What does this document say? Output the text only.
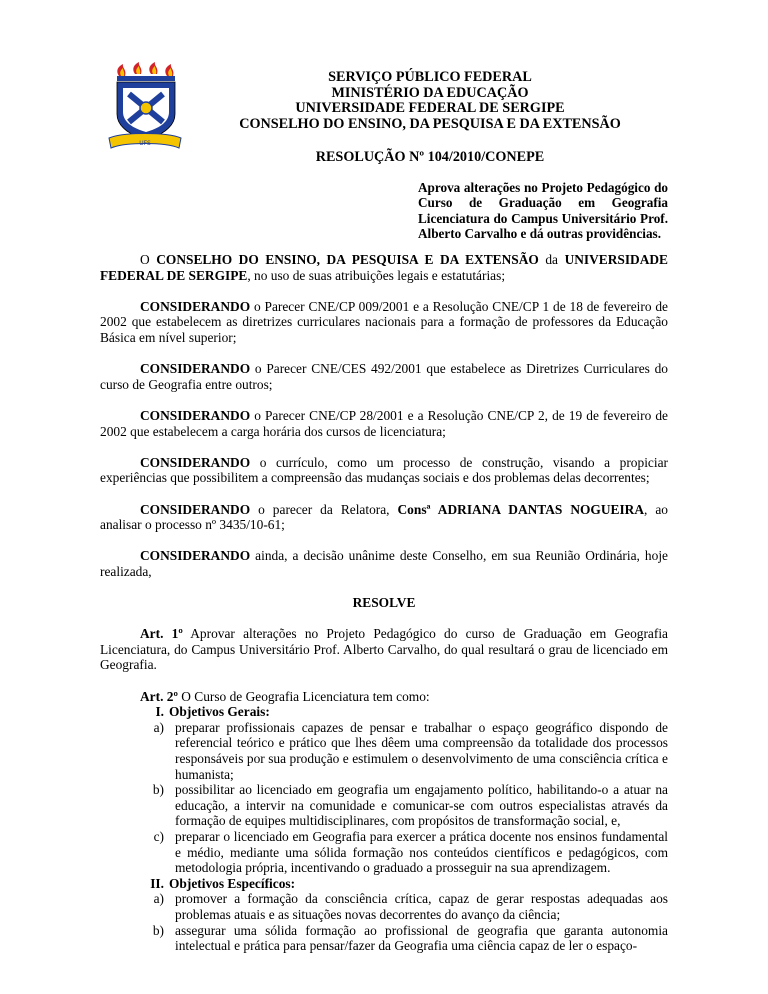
UFS
SERVIÇO PÚBLICO FEDERAL
MINISTÉRIO DA EDUCAÇÃO
UNIVERSIDADE FEDERAL DE SERGIPE
CONSELHO DO ENSINO, DA PESQUISA E DA EXTENSÃO
RESOLUÇÃO Nº 104/2010/CONEPE
Aprova alterações no Projeto Pedagógico do Curso de Graduação em Geografia Licenciatura do Campus Universitário Prof. Alberto Carvalho e dá outras providências.

O CONSELHO DO ENSINO, DA PESQUISA E DA EXTENSÃO da UNIVERSIDADE FEDERAL DE SERGIPE, no uso de suas atribuições legais e estatutárias;

CONSIDERANDO o Parecer CNE/CP 009/2001 e a Resolução CNE/CP 1 de 18 de fevereiro de 2002 que estabelecem as diretrizes curriculares nacionais para a formação de professores da Educação Básica em nível superior;

CONSIDERANDO o Parecer CNE/CES 492/2001 que estabelece as Diretrizes Curriculares do curso de Geografia entre outros;

CONSIDERANDO o Parecer CNE/CP 28/2001 e a Resolução CNE/CP 2, de 19 de fevereiro de 2002 que estabelecem a carga horária dos cursos de licenciatura;

CONSIDERANDO o currículo, como um processo de construção, visando a propiciar experiências que possibilitem a compreensão das mudanças sociais e dos problemas delas decorrentes;

CONSIDERANDO o parecer da Relatora, Consª ADRIANA DANTAS NOGUEIRA, ao analisar o processo nº 3435/10-61;

CONSIDERANDO ainda, a decisão unânime deste Conselho, em sua Reunião Ordinária, hoje realizada,

RESOLVE

Art. 1º Aprovar alterações no Projeto Pedagógico do curso de Graduação em Geografia Licenciatura, do Campus Universitário Prof. Alberto Carvalho, do qual resultará o grau de licenciado em Geografia.

Art. 2º O Curso de Geografia Licenciatura tem como:
I. Objetivos Gerais:
a) preparar profissionais capazes de pensar e trabalhar o espaço geográfico dispondo de referencial teórico e prático que lhes dêem uma compreensão da totalidade dos processos responsáveis por sua produção e estimulem o desenvolvimento de uma consciência crítica e humanista;
b) possibilitar ao licenciado em geografia um engajamento político, habilitando-o a atuar na educação, a intervir na comunidade e comunicar-se com outros especialistas através da formação de equipes multidisciplinares, com propósitos de transformação social, e,
c) preparar o licenciado em Geografia para exercer a prática docente nos ensinos fundamental e médio, mediante uma sólida formação nos conteúdos científicos e pedagógicos, com metodologia própria, incentivando o graduado a prosseguir na sua aprendizagem.
II. Objetivos Específicos:
a) promover a formação da consciência crítica, capaz de gerar respostas adequadas aos problemas atuais e as situações novas decorrentes do avanço da ciência;
b) assegurar uma sólida formação ao profissional de geografia que garanta autonomia intelectual e prática para pensar/fazer da Geografia uma ciência capaz de ler o espaço-
